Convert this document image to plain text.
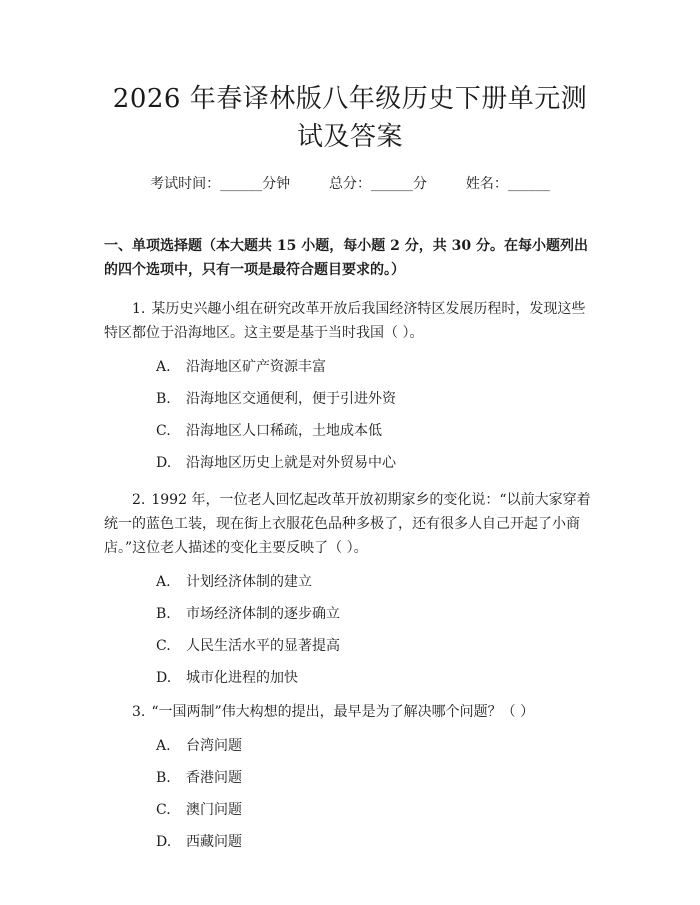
2026 年春译林版八年级历史下册单元测试及答案
考试时间：______分钟	总分：______分	姓名：______
一、单项选择题（本大题共 15 小题，每小题 2 分，共 30 分。在每小题列出的四个选项中，只有一项是最符合题目要求的。）
1. 某历史兴趣小组在研究改革开放后我国经济特区发展历程时，发现这些特区都位于沿海地区。这主要是基于当时我国（ ）。
A. 沿海地区矿产资源丰富
B. 沿海地区交通便利，便于引进外资
C. 沿海地区人口稀疏，土地成本低
D. 沿海地区历史上就是对外贸易中心
2. 1992 年，一位老人回忆起改革开放初期家乡的变化说：“以前大家穿着统一的蓝色工装，现在街上衣服花色品种多极了，还有很多人自己开起了小商店。”这位老人描述的变化主要反映了（ ）。
A. 计划经济体制的建立
B. 市场经济体制的逐步确立
C. 人民生活水平的显著提高
D. 城市化进程的加快
3. “一国两制”伟大构想的提出，最早是为了解决哪个问题？（ ）
A. 台湾问题
B. 香港问题
C. 澳门问题
D. 西藏问题
